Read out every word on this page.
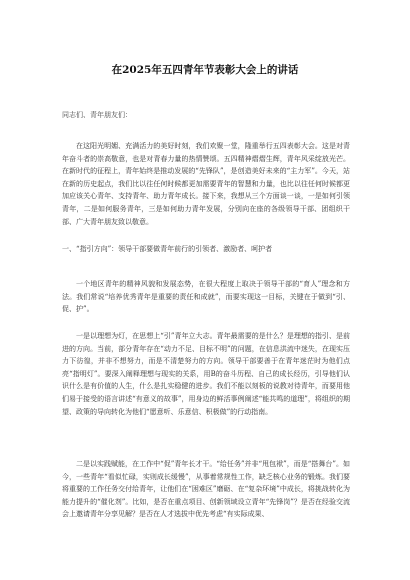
在2025年五四青年节表彰大会上的讲话
同志们、青年朋友们：

在这阳光明媚、充满活力的美好时刻，我们欢聚一堂，隆重举行五四表彰大会。这是对青年奋斗者的崇高敬意，也是对青春力量的热情赞颂。五四精神熠熠生辉，青年风采绽放光芒。在新时代的征程上，青年始终是推动发展的“先锋队”，是创造美好未来的“主力军”。今天，站在新的历史起点，我们比以往任何时候都更加需要青年的智慧和力量，也比以往任何时候都更加应该关心青年、支持青年、助力青年成长。接下来，我想从三个方面谈一谈，一是如何引领青年，二是如何服务青年，三是如何助力青年发展，分别向在座的各级领导干部、团组织干部、广大青年朋友致以敬意。

一、“指引方向”：领导干部要做青年前行的引领者、激励者、呵护者

一个地区青年的精神风貌和发展态势，在很大程度上取决于领导干部的“育人”理念和方法。我们常说“培养优秀青年是重要的责任和成就”，而要实现这一目标，关键在于做到“引、促、护”。

一是以理想为灯，在思想上“引”青年立大志。青年最需要的是什么？是理想的指引、是前进的方向。当前，部分青年存在“动力不足、目标不明”的问题，在信息洪流中迷失，在现实压力下彷徨，并非不想努力，而是不清楚努力的方向。领导干部要善于在青年迷茫时为他们点亮“指明灯”。要深入阐释理想与现实的关系，用B的奋斗历程、自己的成长经历，引导他们认识什么是有价值的人生，什么是扎实稳健的进步。我们不能以刻板的说教对待青年，而要用他们易于接受的语言讲述“有意义的故事”，用身边的鲜活事例阐述“能共鸣的道理”，将组织的期望、政策的导向转化为他们“愿意听、乐意信、积极做”的行动指南。

二是以实践赋能，在工作中“促”青年长才干。“给任务”并非“甩包袱”，而是“搭舞台”。如今，一些青年“看似忙碌，实则成长缓慢”，从事着常规性工作，缺乏核心业务的锻炼。我们要将重要的工作任务交付给青年，让他们在“困难区”磨砺、在“复杂环境”中成长，将挑战转化为能力提升的“催化剂”。比如，是否在重点项目、创新领域设立青年“先锋岗”？是否在经验交流会上邀请青年分享见解？是否在人才选拔中优先考虑“有实际成果、
